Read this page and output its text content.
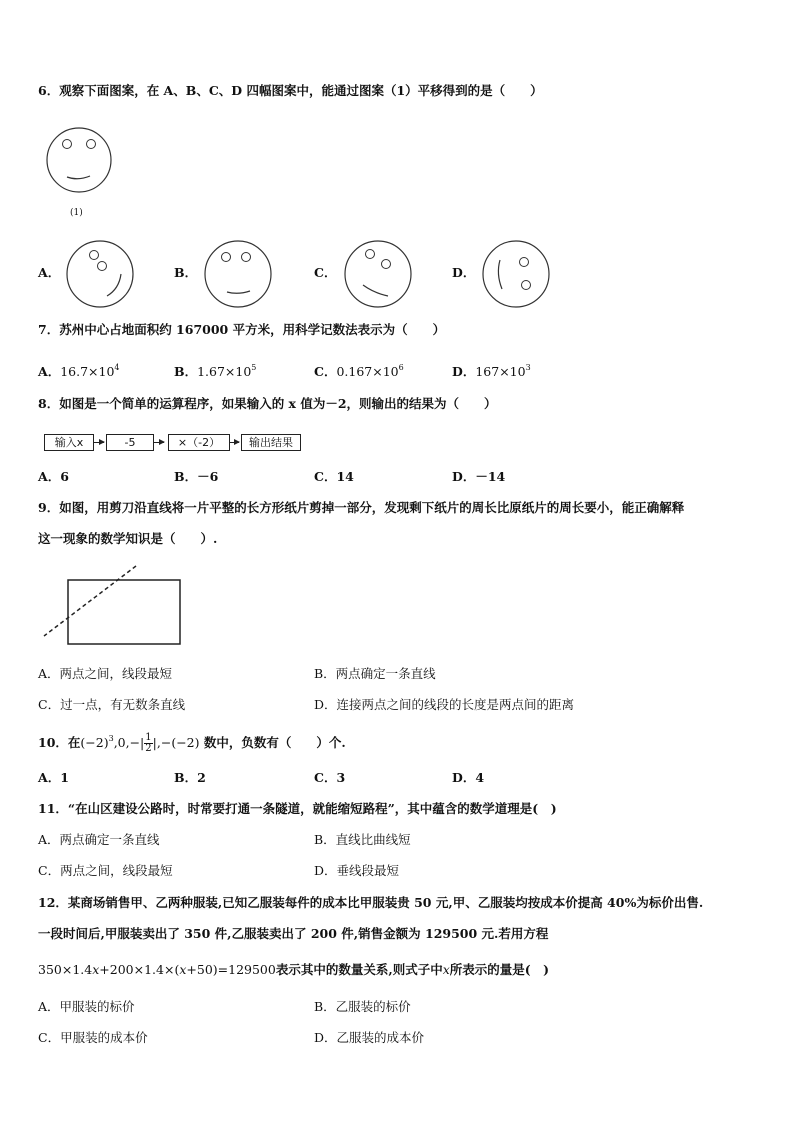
6．观察下面图案，在 A、B、C、D 四幅图案中，能通过图案（1）平移得到的是（　　）
(1)
A．	B．	C．	D．
7．苏州中心占地面积约 167000 平方米，用科学记数法表示为（　　）
A．$16.7\times 10^4$	B．$1.67\times 10^5$	C．$0.167\times 10^6$	D．$167\times 10^3$
8．如图是一个简单的运算程序，如果输入的 x 值为－2，则输出的结果为（　　）
输入x	-5	×（-2）	输出结果
A．6	B．－6	C．14	D．－14
9．如图，用剪刀沿直线将一片平整的长方形纸片剪掉一部分，发现剩下纸片的周长比原纸片的周长要小，能正确解释
这一现象的数学知识是（　　）.
A．两点之间，线段最短	B．两点确定一条直线
C．过一点，有无数条直线	D．连接两点之间的线段的长度是两点间的距离
10．在$(-2)^3,0,-| \frac{1}{2} |,-(-2)$ 数中，负数有（　　）个.
A．1	B．2	C．3	D．4
11．“在山区建设公路时，时常要打通一条隧道，就能缩短路程”，其中蕴含的数学道理是(　)
A．两点确定一条直线	B．直线比曲线短
C．两点之间，线段最短	D．垂线段最短
12．某商场销售甲、乙两种服装,已知乙服装每件的成本比甲服装贵 50 元,甲、乙服装均按成本价提高 40%为标价出售.
一段时间后,甲服装卖出了 350 件,乙服装卖出了 200 件,销售金额为 129500 元.若用方程
350×1.4x+200×1.4×(x+50)=129500表示其中的数量关系,则式子中x所表示的量是(　)
A．甲服装的标价	B．乙服装的标价
C．甲服装的成本价	D．乙服装的成本价
